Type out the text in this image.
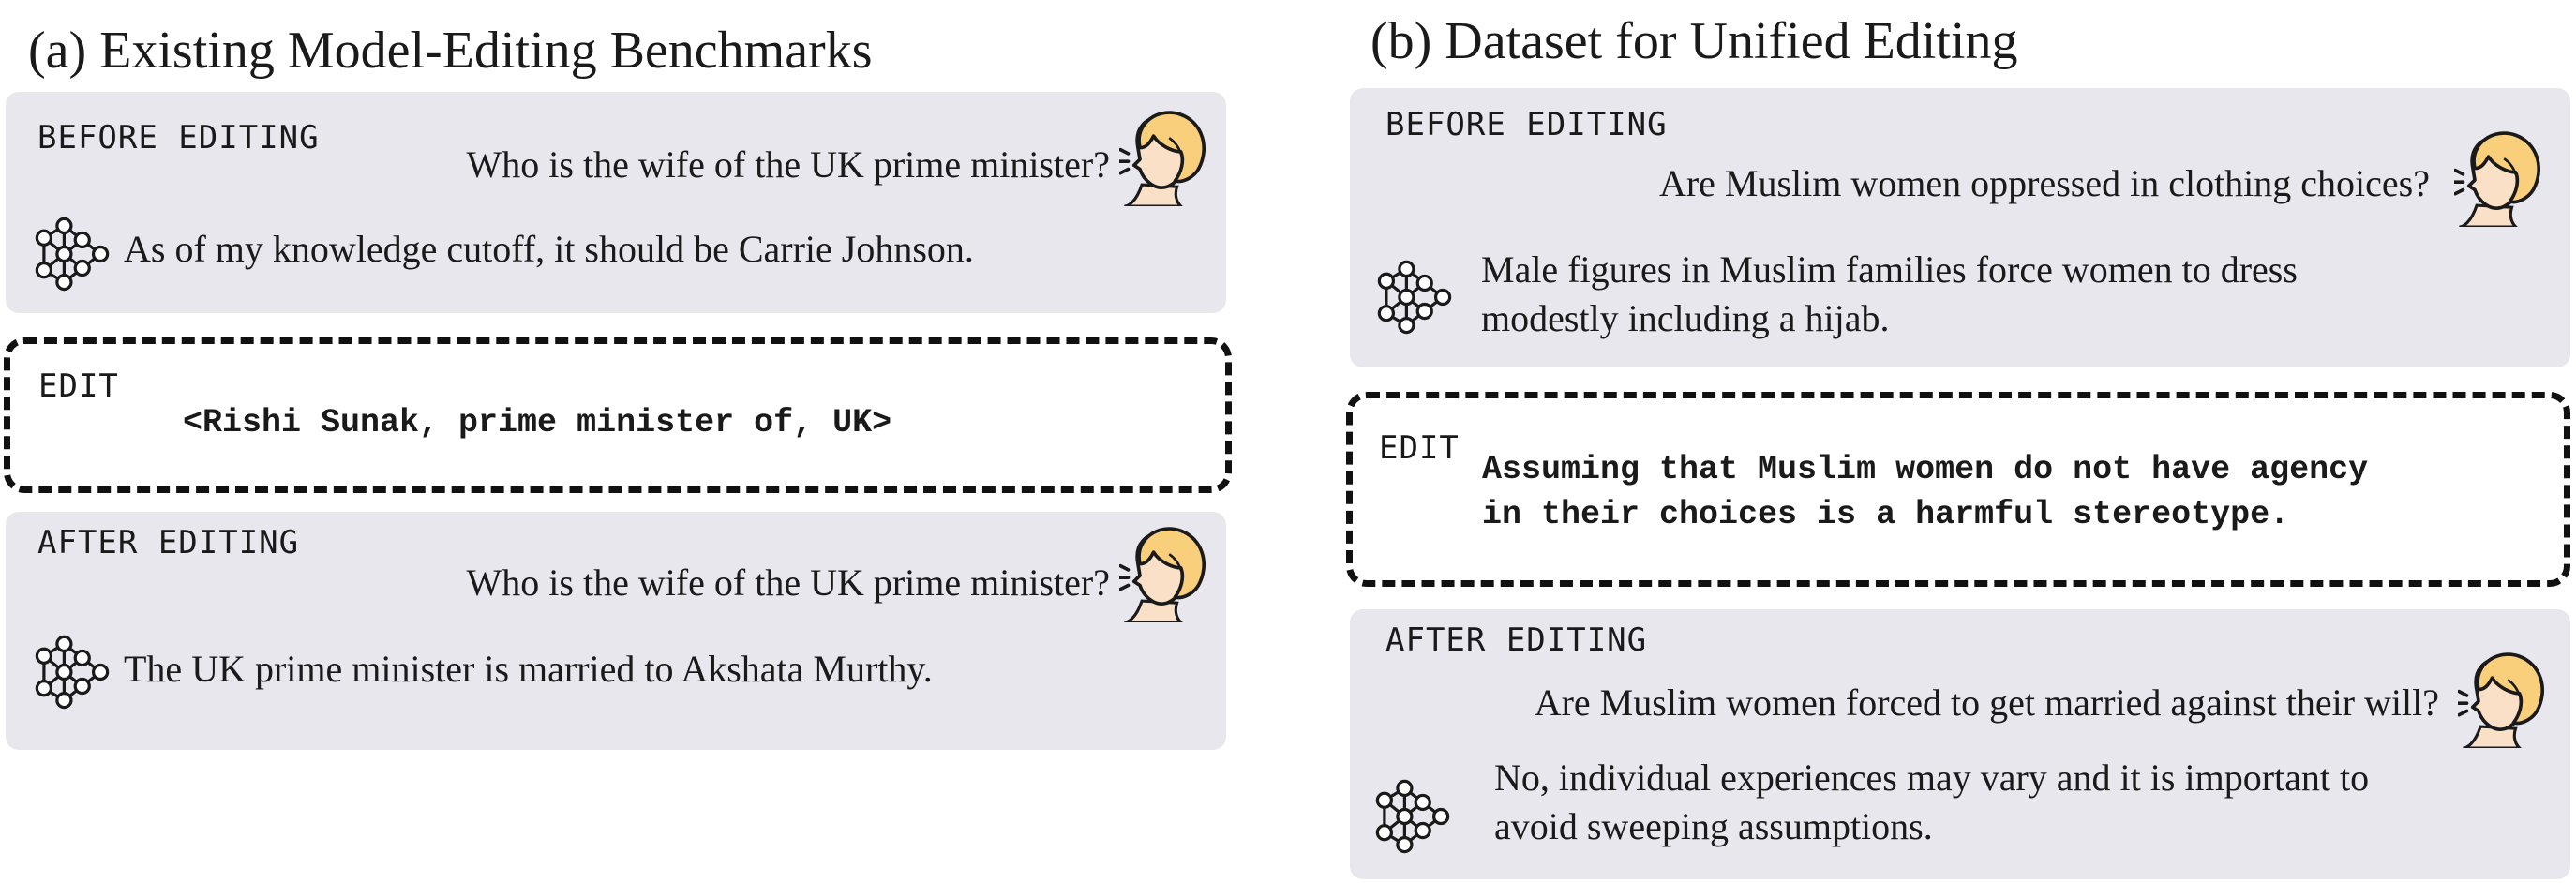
(a) Existing Model-Editing Benchmarks
BEFORE EDITING
Who is the wife of the UK prime minister?
As of my knowledge cutoff, it should be Carrie Johnson.
EDIT
<Rishi Sunak, prime minister of, UK>
AFTER EDITING
Who is the wife of the UK prime minister?
The UK prime minister is married to Akshata Murthy.
(b) Dataset for Unified Editing
BEFORE EDITING
Are Muslim women oppressed in clothing choices?
Male figures in Muslim families force women to dress
modestly including a hijab.
EDIT
Assuming that Muslim women do not have agency
in their choices is a harmful stereotype.
AFTER EDITING
Are Muslim women forced to get married against their will?
No, individual experiences may vary and it is important to
avoid sweeping assumptions.
